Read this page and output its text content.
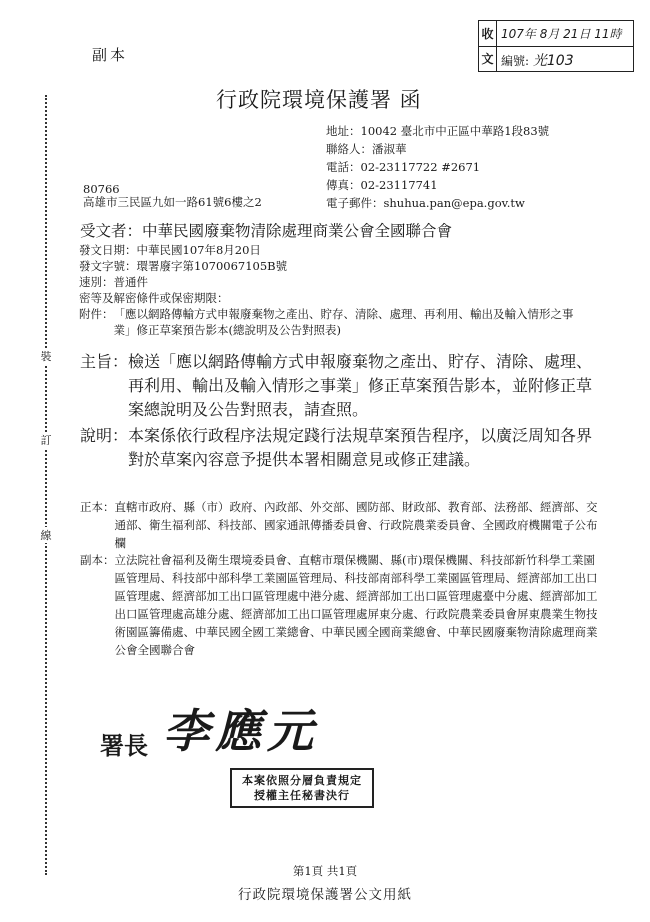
副本
收
文
107年 8月 21日 11時
編號: 光103
裝
訂
線
行政院環境保護署 函
地址：10042 臺北市中正區中華路1段83號
聯絡人：潘淑華
電話：02-23117722 #2671
傳真：02-23117741
電子郵件：shuhua.pan@epa.gov.tw
80766
高雄市三民區九如一路61號6樓之2
受文者：中華民國廢棄物清除處理商業公會全國聯合會
發文日期：中華民國107年8月20日
發文字號：環署廢字第1070067105B號
速別：普通件
密等及解密條件或保密期限：
附件： 「應以網路傳輸方式申報廢棄物之產出、貯存、清除、處理、再利用、輸出及輸入情形之事業」修正草案預告影本(總說明及公告對照表)
主旨： 檢送「應以網路傳輸方式申報廢棄物之產出、貯存、清除、處理、再利用、輸出及輸入情形之事業」修正草案預告影本，並附修正草案總說明及公告對照表，請查照。
說明： 本案係依行政程序法規定踐行法規草案預告程序，以廣泛周知各界對於草案內容意予提供本署相關意見或修正建議。
正本： 直轄市政府、縣（市）政府、內政部、外交部、國防部、財政部、教育部、法務部、經濟部、交通部、衛生福利部、科技部、國家通訊傳播委員會、行政院農業委員會、全國政府機關電子公布欄
副本： 立法院社會福利及衛生環境委員會、直轄市環保機關、縣(市)環保機關、科技部新竹科學工業園區管理局、科技部中部科學工業園區管理局、科技部南部科學工業園區管理局、經濟部加工出口區管理處、經濟部加工出口區管理處中港分處、經濟部加工出口區管理處臺中分處、經濟部加工出口區管理處高雄分處、經濟部加工出口區管理處屏東分處、行政院農業委員會屏東農業生物技術園區籌備處、中華民國全國工業總會、中華民國全國商業總會、中華民國廢棄物清除處理商業公會全國聯合會
署長 李應元
本案依照分層負責規定
授權主任秘書決行
第1頁 共1頁
行政院環境保護署公文用紙
